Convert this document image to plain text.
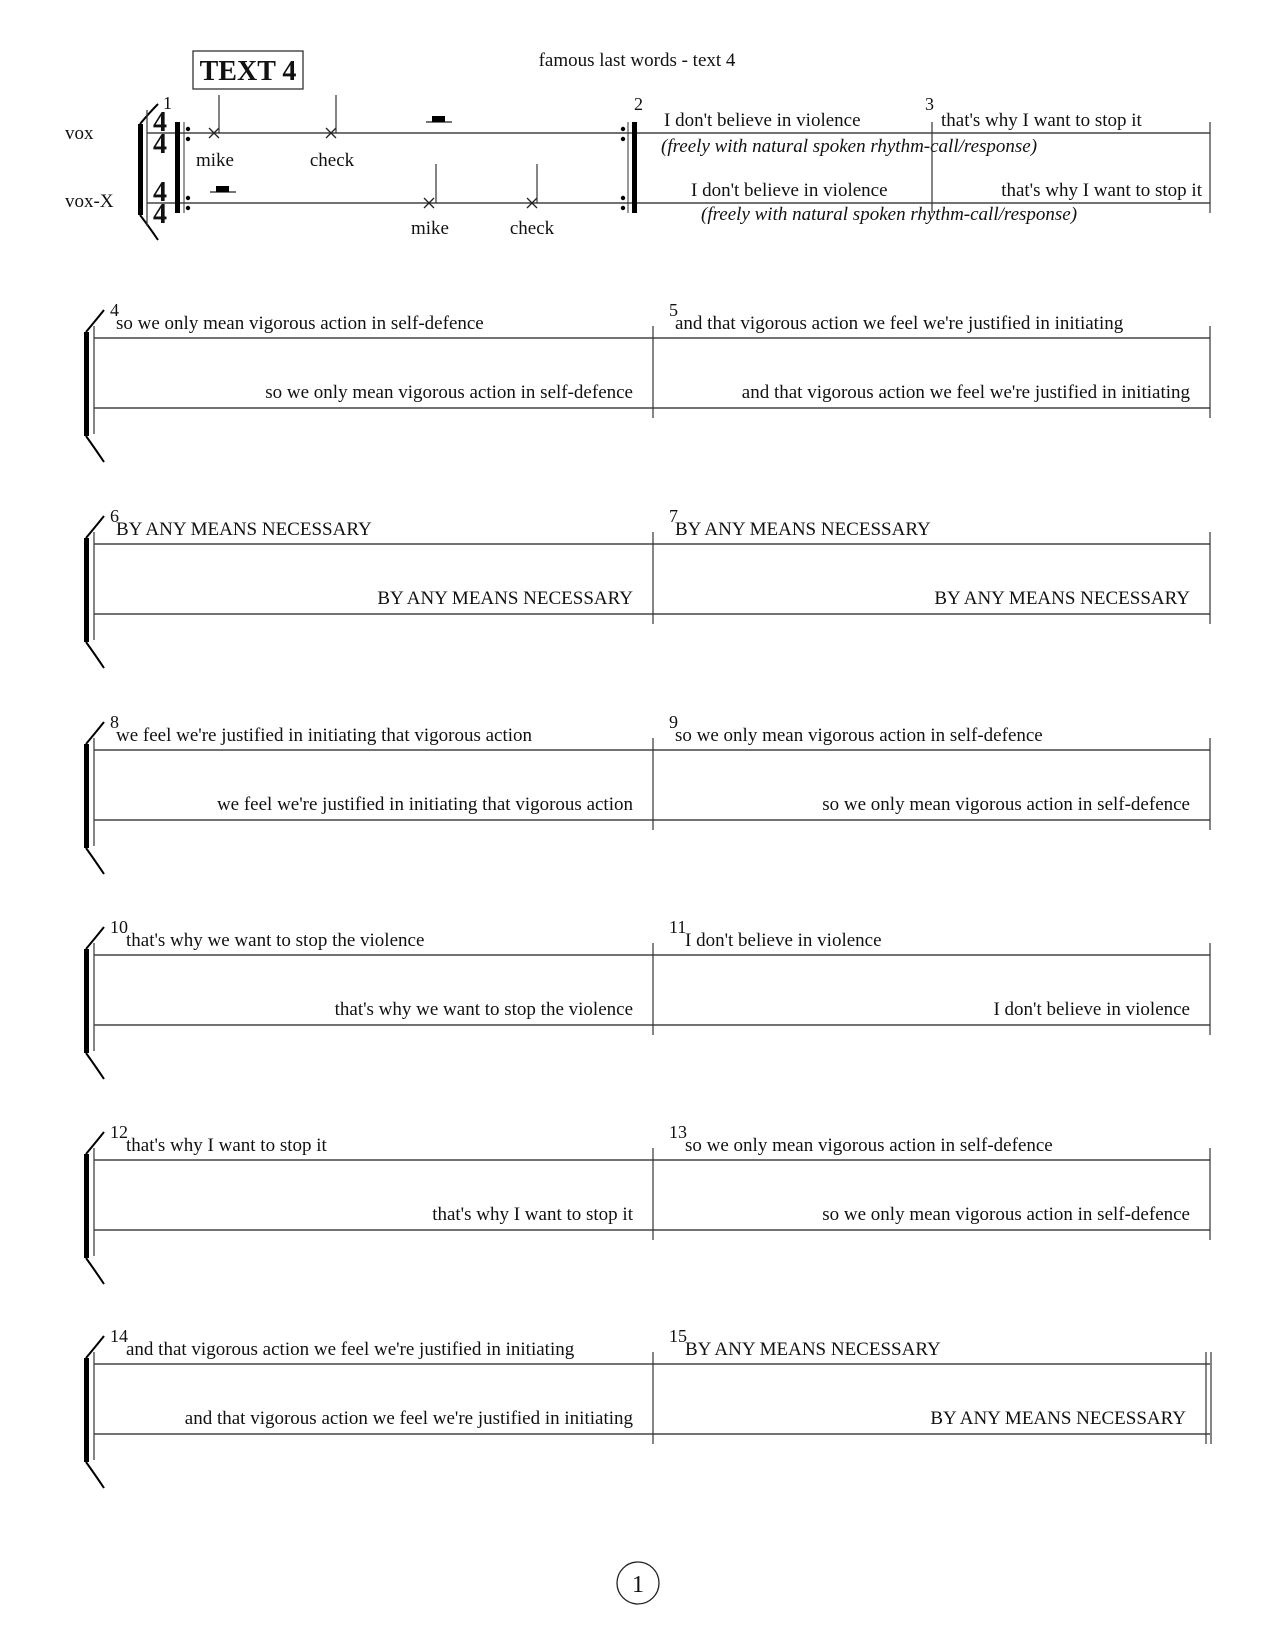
TEXT 4	famous last words - text 4
vox
vox-X
4
4
4
4
1
mike	check
mike	check
2
I don't believe in violence
(freely with natural spoken rhythm-call/response)
I don't believe in violence
(freely with natural spoken rhythm-call/response)
3
that's why I want to stop it
that's why I want to stop it
4
so we only mean vigorous action in self-defence
so we only mean vigorous action in self-defence
5
and that vigorous action we feel we're justified in initiating
and that vigorous action we feel we're justified in initiating
6
BY ANY MEANS NECESSARY
BY ANY MEANS NECESSARY
7
BY ANY MEANS NECESSARY
BY ANY MEANS NECESSARY
8
we feel we're justified in initiating that vigorous action
we feel we're justified in initiating that vigorous action
9
so we only mean vigorous action in self-defence
so we only mean vigorous action in self-defence
10
that's why we want to stop the violence
that's why we want to stop the violence
11
I don't believe in violence
I don't believe in violence
12
that's why I want to stop it
that's why I want to stop it
13
so we only mean vigorous action in self-defence
so we only mean vigorous action in self-defence
14
and that vigorous action we feel we're justified in initiating
and that vigorous action we feel we're justified in initiating
15
BY ANY MEANS NECESSARY
BY ANY MEANS NECESSARY
1
